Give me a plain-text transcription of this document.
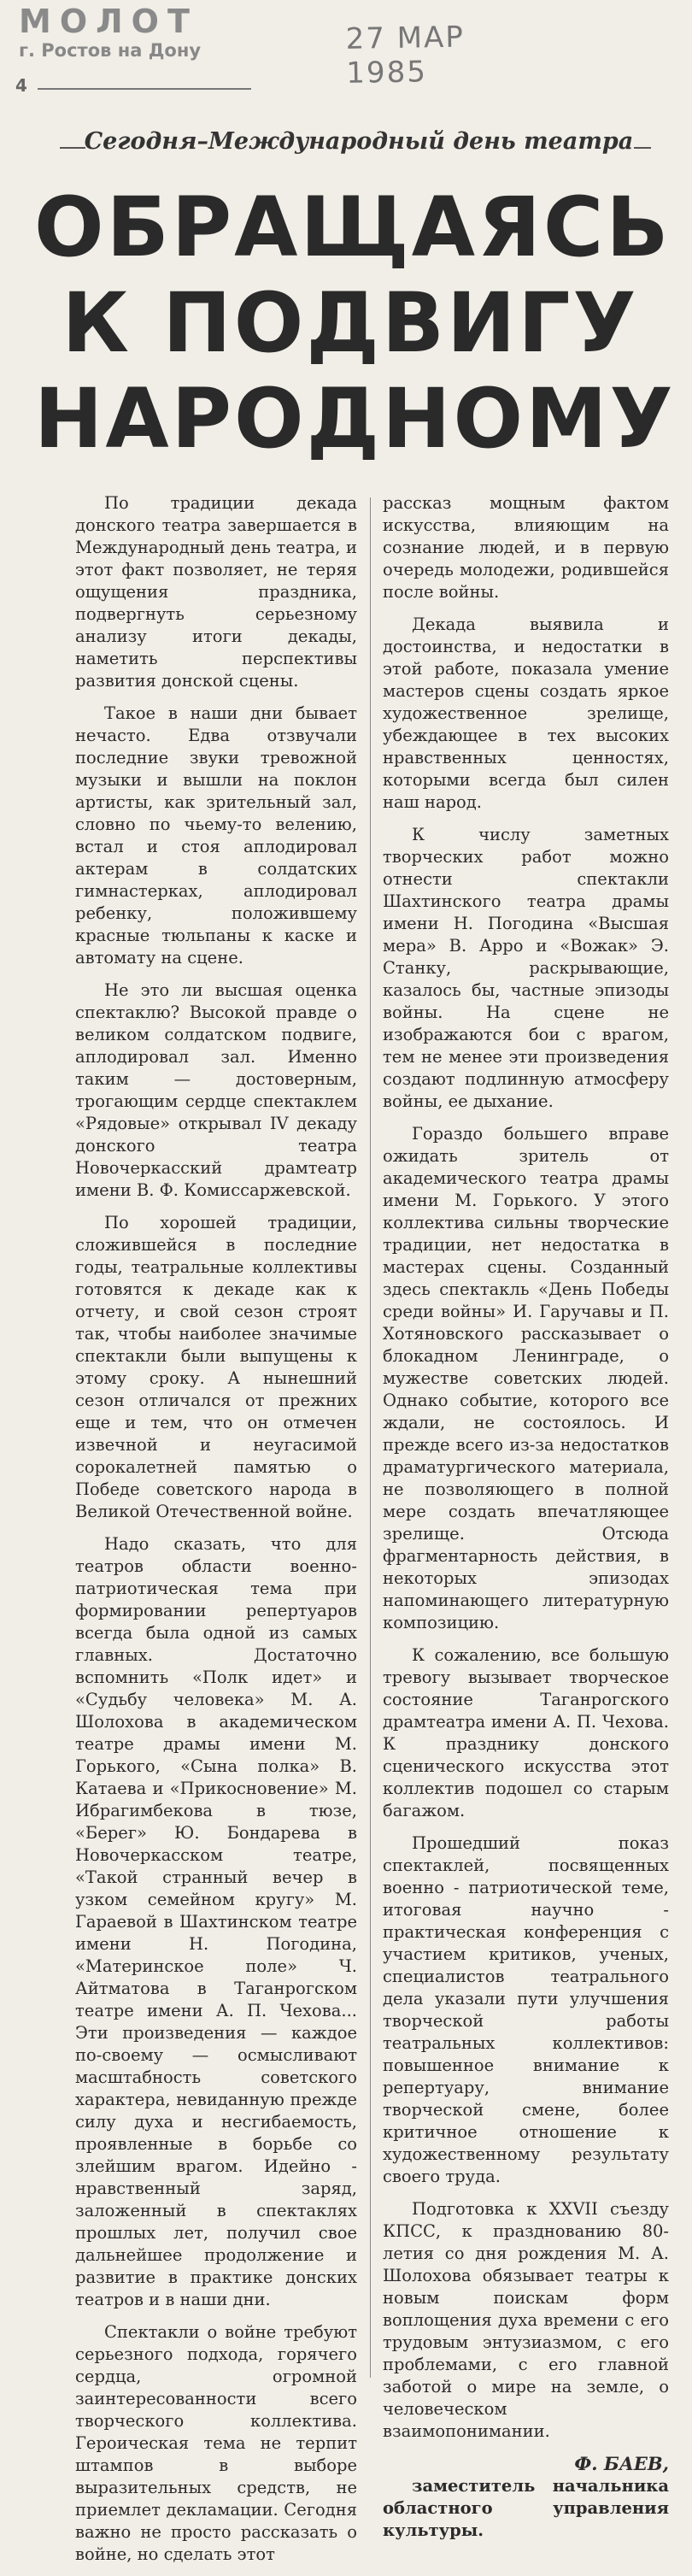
МОЛОТ
г. Ростов на Дону
4
27 МАР 1985
Сегодня–Международный день театра
ОБРАЩАЯСЬ
К ПОДВИГУ
НАРОДНОМУ

По традиции декада донского театра завершается в Международный день театра, и этот факт позволяет, не теряя ощущения праздника, подвергнуть серьезному анализу итоги декады, наметить перспективы развития донской сцены.

Такое в наши дни бывает нечасто. Едва отзвучали последние звуки тревожной музыки и вышли на поклон артисты, как зрительный зал, словно по чьему-то велению, встал и стоя аплодировал актерам в солдатских гимнастерках, аплодировал ребенку, положившему красные тюльпаны к каске и автомату на сцене.

Не это ли высшая оценка спектаклю? Высокой правде о великом солдатском подвиге, аплодировал зал. Именно таким — достоверным, трогающим сердце спектаклем «Рядовые» открывал IV декаду донского театра Новочеркасский драмтеатр имени В. Ф. Комиссаржевской.

По хорошей традиции, сложившейся в последние годы, театральные коллективы готовятся к декаде как к отчету, и свой сезон строят так, чтобы наиболее значимые спектакли были выпущены к этому сроку. А нынешний сезон отличался от прежних еще и тем, что он отмечен извечной и неугасимой сорокалетней памятью о Победе советского народа в Великой Отечественной войне.

Надо сказать, что для театров области военно-патриотическая тема при формировании репертуаров всегда была одной из самых главных. Достаточно вспомнить «Полк идет» и «Судьбу человека» М. А. Шолохова в академическом театре драмы имени М. Горького, «Сына полка» В. Катаева и «Прикосновение» М. Ибрагимбекова в тюзе, «Берег» Ю. Бондарева в Новочеркасском театре, «Такой странный вечер в узком семейном кругу» М. Гараевой в Шахтинском театре имени Н. Погодина, «Материнское поле» Ч. Айтматова в Таганрогском театре имени А. П. Чехова... Эти произведения — каждое по-своему — осмысливают масштабность советского характера, невиданную прежде силу духа и несгибаемость, проявленные в борьбе со злейшим врагом. Идейно - нравственный заряд, заложенный в спектаклях прошлых лет, получил свое дальнейшее продолжение и развитие в практике донских театров и в наши дни.

Спектакли о войне требуют серьезного подхода, горячего сердца, огромной заинтересованности всего творческого коллектива. Героическая тема не терпит штампов в выборе выразительных средств, не приемлет декламации. Сегодня важно не просто рассказать о войне, но сделать этот

рассказ мощным фактом искусства, влияющим на сознание людей, и в первую очередь молодежи, родившейся после войны.

Декада выявила и достоинства, и недостатки в этой работе, показала умение мастеров сцены создать яркое художественное зрелище, убеждающее в тех высоких нравственных ценностях, которыми всегда был силен наш народ.

К числу заметных творческих работ можно отнести спектакли Шахтинского театра драмы имени Н. Погодина «Высшая мера» В. Арро и «Вожак» Э. Станку, раскрывающие, казалось бы, частные эпизоды войны. На сцене не изображаются бои с врагом, тем не менее эти произведения создают подлинную атмосферу войны, ее дыхание.

Гораздо большего вправе ожидать зритель от академического театра драмы имени М. Горького. У этого коллектива сильны творческие традиции, нет недостатка в мастерах сцены. Созданный здесь спектакль «День Победы среди войны» И. Гаручавы и П. Хотяновского рассказывает о блокадном Ленинграде, о мужестве советских людей. Однако событие, которого все ждали, не состоялось. И прежде всего из-за недостатков драматургического материала, не позволяющего в полной мере создать впечатляющее зрелище. Отсюда фрагментарность действия, в некоторых эпизодах напоминающего литературную композицию.

К сожалению, все большую тревогу вызывает творческое состояние Таганрогского драмтеатра имени А. П. Чехова. К празднику донского сценического искусства этот коллектив подошел со старым багажом.

Прошедший показ спектаклей, посвященных военно - патриотической теме, итоговая научно - практическая конференция с участием критиков, ученых, специалистов театрального дела указали пути улучшения творческой работы театральных коллективов: повышенное внимание к репертуару, внимание творческой смене, более критичное отношение к художественному результату своего труда.

Подготовка к XXVII съезду КПСС, к празднованию 80-летия со дня рождения М. А. Шолохова обязывает театры к новым поискам форм воплощения духа времени с его трудовым энтузиазмом, с его проблемами, с его главной заботой о мире на земле, о человеческом взаимопонимании.

Ф. БАЕВ,

заместитель начальника областного управления культуры.
